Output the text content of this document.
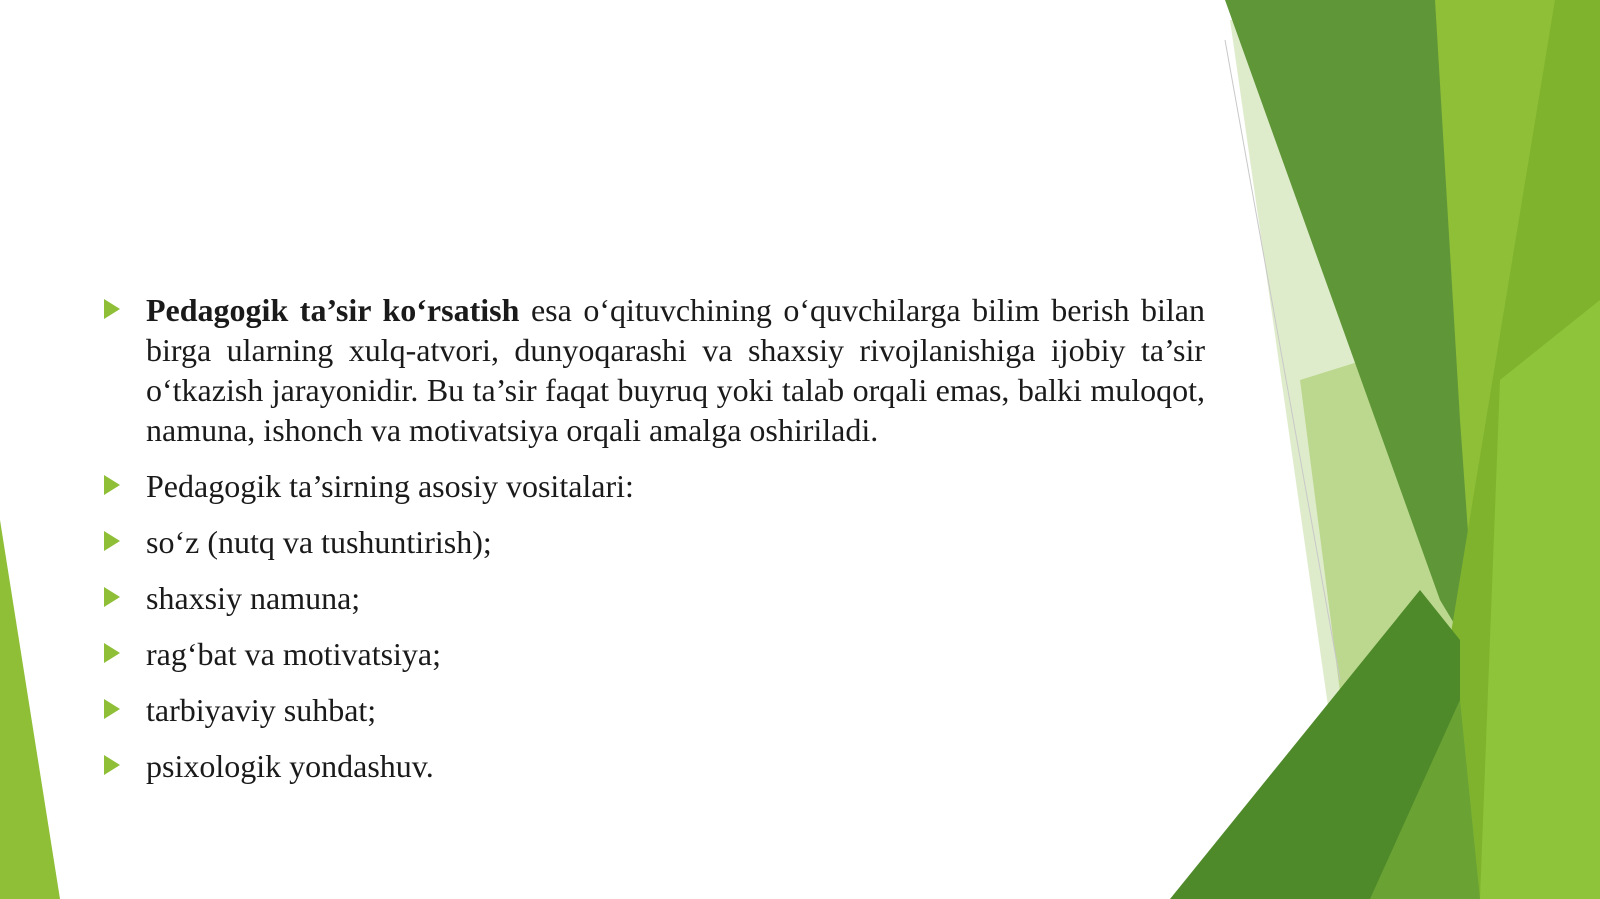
Pedagogik ta’sir ko‘rsatish esa o‘qituvchining o‘quvchilarga bilim berish bilan birga ularning xulq-atvori, dunyoqarashi va shaxsiy rivojlanishiga ijobiy ta’sir o‘tkazish jarayonidir. Bu ta’sir faqat buyruq yoki talab orqali emas, balki muloqot, namuna, ishonch va motivatsiya orqali amalga oshiriladi.
Pedagogik ta’sirning asosiy vositalari:
so‘z (nutq va tushuntirish);
shaxsiy namuna;
rag‘bat va motivatsiya;
tarbiyaviy suhbat;
psixologik yondashuv.
